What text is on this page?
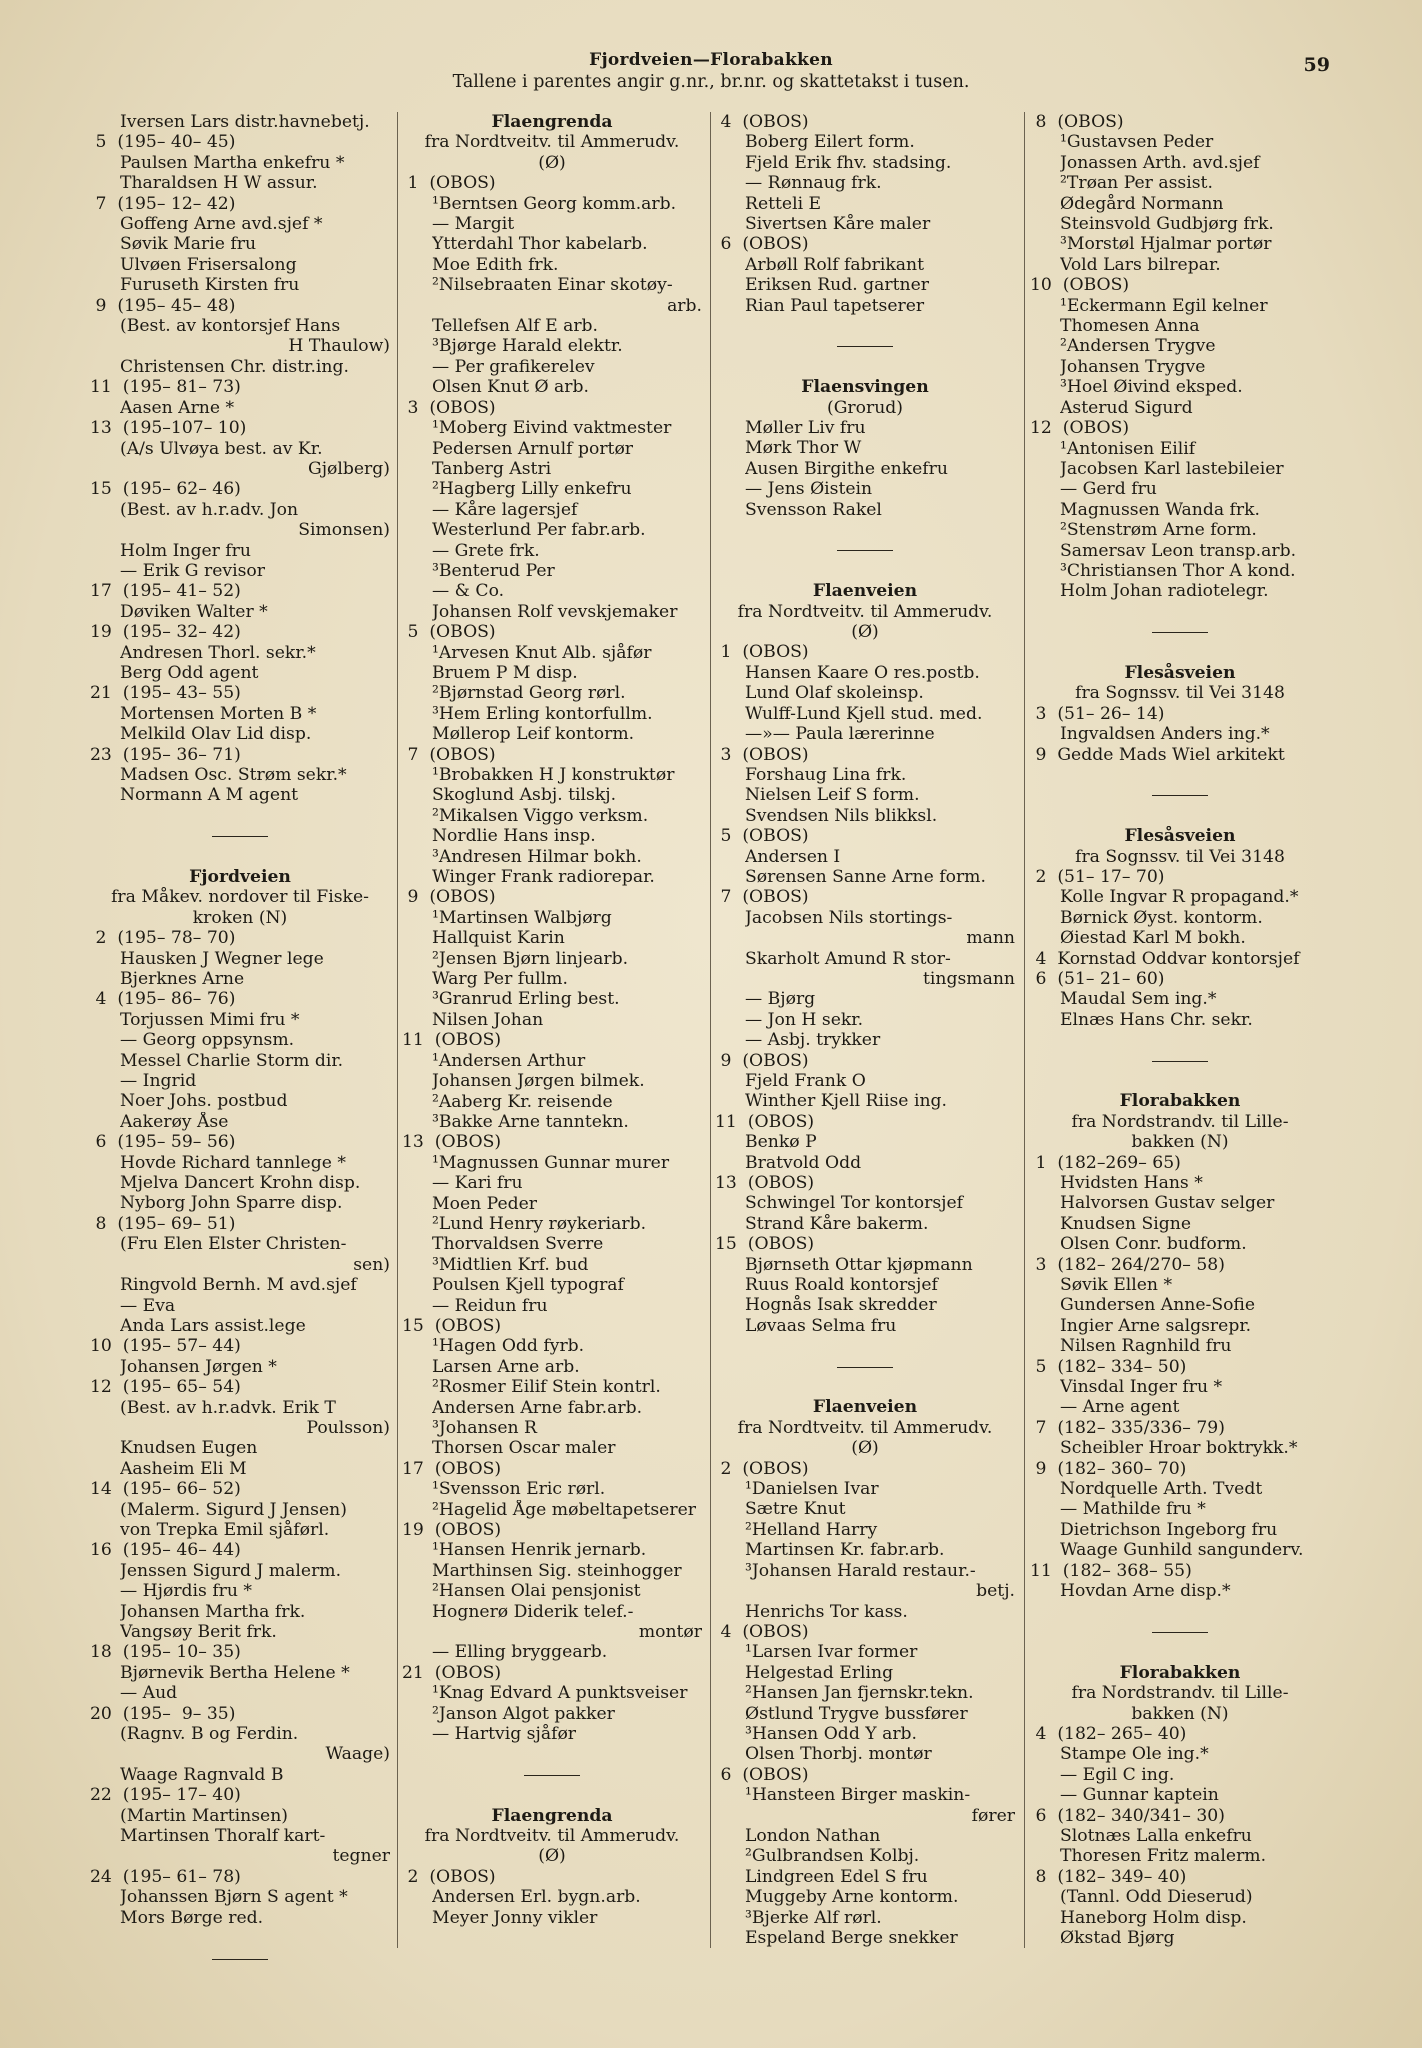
Fjordveien—Florabakken
Tallene i parentes angir g.nr., br.nr. og skattetakst i tusen.
59
Iversen Lars distr.havnebetj.
5  (195– 40– 45)
Paulsen Martha enkefru *
Tharaldsen H W assur.
7  (195– 12– 42)
Goffeng Arne avd.sjef *
Søvik Marie fru
Ulvøen Frisersalong
Furuseth Kirsten fru
9  (195– 45– 48)
(Best. av kontorsjef Hans
H Thaulow)
Christensen Chr. distr.ing.
11  (195– 81– 73)
Aasen Arne *
13  (195–107– 10)
(A/s Ulvøya best. av Kr.
Gjølberg)
15  (195– 62– 46)
(Best. av h.r.adv. Jon
Simonsen)
Holm Inger fru
— Erik G revisor
17  (195– 41– 52)
Døviken Walter *
19  (195– 32– 42)
Andresen Thorl. sekr.*
Berg Odd agent
21  (195– 43– 55)
Mortensen Morten B *
Melkild Olav Lid disp.
23  (195– 36– 71)
Madsen Osc. Strøm sekr.*
Normann A M agent
Fjordveien
fra Måkev. nordover til Fiske-
kroken (N)
2  (195– 78– 70)
Hausken J Wegner lege
Bjerknes Arne
4  (195– 86– 76)
Torjussen Mimi fru *
— Georg oppsynsm.
Messel Charlie Storm dir.
— Ingrid
Noer Johs. postbud
Aakerøy Åse
6  (195– 59– 56)
Hovde Richard tannlege *
Mjelva Dancert Krohn disp.
Nyborg John Sparre disp.
8  (195– 69– 51)
(Fru Elen Elster Christen-
sen)
Ringvold Bernh. M avd.sjef
— Eva
Anda Lars assist.lege
10  (195– 57– 44)
Johansen Jørgen *
12  (195– 65– 54)
(Best. av h.r.advk. Erik T
Poulsson)
Knudsen Eugen
Aasheim Eli M
14  (195– 66– 52)
(Malerm. Sigurd J Jensen)
von Trepka Emil sjåførl.
16  (195– 46– 44)
Jenssen Sigurd J malerm.
— Hjørdis fru *
Johansen Martha frk.
Vangsøy Berit frk.
18  (195– 10– 35)
Bjørnevik Bertha Helene *
— Aud
20  (195–  9– 35)
(Ragnv. B og Ferdin.
Waage)
Waage Ragnvald B
22  (195– 17– 40)
(Martin Martinsen)
Martinsen Thoralf kart-
tegner
24  (195– 61– 78)
Johanssen Bjørn S agent *
Mors Børge red.
Flaengrenda
fra Nordtveitv. til Ammerudv.
(Ø)
1  (OBOS)
¹Berntsen Georg komm.arb.
— Margit
Ytterdahl Thor kabelarb.
Moe Edith frk.
²Nilsebraaten Einar skotøy-
arb.
Tellefsen Alf E arb.
³Bjørge Harald elektr.
— Per grafikerelev
Olsen Knut Ø arb.
3  (OBOS)
¹Moberg Eivind vaktmester
Pedersen Arnulf portør
Tanberg Astri
²Hagberg Lilly enkefru
— Kåre lagersjef
Westerlund Per fabr.arb.
— Grete frk.
³Benterud Per
— & Co.
Johansen Rolf vevskjemaker
5  (OBOS)
¹Arvesen Knut Alb. sjåfør
Bruem P M disp.
²Bjørnstad Georg rørl.
³Hem Erling kontorfullm.
Møllerop Leif kontorm.
7  (OBOS)
¹Brobakken H J konstruktør
Skoglund Asbj. tilskj.
²Mikalsen Viggo verksm.
Nordlie Hans insp.
³Andresen Hilmar bokh.
Winger Frank radiorepar.
9  (OBOS)
¹Martinsen Walbjørg
Hallquist Karin
²Jensen Bjørn linjearb.
Warg Per fullm.
³Granrud Erling best.
Nilsen Johan
11  (OBOS)
¹Andersen Arthur
Johansen Jørgen bilmek.
²Aaberg Kr. reisende
³Bakke Arne tanntekn.
13  (OBOS)
¹Magnussen Gunnar murer
— Kari fru
Moen Peder
²Lund Henry røykeriarb.
Thorvaldsen Sverre
³Midtlien Krf. bud
Poulsen Kjell typograf
— Reidun fru
15  (OBOS)
¹Hagen Odd fyrb.
Larsen Arne arb.
²Rosmer Eilif Stein kontrl.
Andersen Arne fabr.arb.
³Johansen R
Thorsen Oscar maler
17  (OBOS)
¹Svensson Eric rørl.
²Hagelid Åge møbeltapetserer
19  (OBOS)
¹Hansen Henrik jernarb.
Marthinsen Sig. steinhogger
²Hansen Olai pensjonist
Hognerø Diderik telef.-
montør
— Elling bryggearb.
21  (OBOS)
¹Knag Edvard A punktsveiser
²Janson Algot pakker
— Hartvig sjåfør
Flaengrenda
fra Nordtveitv. til Ammerudv.
(Ø)
2  (OBOS)
Andersen Erl. bygn.arb.
Meyer Jonny vikler
4  (OBOS)
Boberg Eilert form.
Fjeld Erik fhv. stadsing.
— Rønnaug frk.
Retteli E
Sivertsen Kåre maler
6  (OBOS)
Arbøll Rolf fabrikant
Eriksen Rud. gartner
Rian Paul tapetserer
Flaensvingen
(Grorud)
Møller Liv fru
Mørk Thor W
Ausen Birgithe enkefru
— Jens Øistein
Svensson Rakel
Flaenveien
fra Nordtveitv. til Ammerudv.
(Ø)
1  (OBOS)
Hansen Kaare O res.postb.
Lund Olaf skoleinsp.
Wulff-Lund Kjell stud. med.
—»— Paula lærerinne
3  (OBOS)
Forshaug Lina frk.
Nielsen Leif S form.
Svendsen Nils blikksl.
5  (OBOS)
Andersen I
Sørensen Sanne Arne form.
7  (OBOS)
Jacobsen Nils stortings-
mann
Skarholt Amund R stor-
tingsmann
— Bjørg
— Jon H sekr.
— Asbj. trykker
9  (OBOS)
Fjeld Frank O
Winther Kjell Riise ing.
11  (OBOS)
Benkø P
Bratvold Odd
13  (OBOS)
Schwingel Tor kontorsjef
Strand Kåre bakerm.
15  (OBOS)
Bjørnseth Ottar kjøpmann
Ruus Roald kontorsjef
Hognås Isak skredder
Løvaas Selma fru
Flaenveien
fra Nordtveitv. til Ammerudv.
(Ø)
2  (OBOS)
¹Danielsen Ivar
Sætre Knut
²Helland Harry
Martinsen Kr. fabr.arb.
³Johansen Harald restaur.-
betj.
Henrichs Tor kass.
4  (OBOS)
¹Larsen Ivar former
Helgestad Erling
²Hansen Jan fjernskr.tekn.
Østlund Trygve bussfører
³Hansen Odd Y arb.
Olsen Thorbj. montør
6  (OBOS)
¹Hansteen Birger maskin-
fører
London Nathan
²Gulbrandsen Kolbj.
Lindgreen Edel S fru
Muggeby Arne kontorm.
³Bjerke Alf rørl.
Espeland Berge snekker
8  (OBOS)
¹Gustavsen Peder
Jonassen Arth. avd.sjef
²Trøan Per assist.
Ødegård Normann
Steinsvold Gudbjørg frk.
³Morstøl Hjalmar portør
Vold Lars bilrepar.
10  (OBOS)
¹Eckermann Egil kelner
Thomesen Anna
²Andersen Trygve
Johansen Trygve
³Hoel Øivind eksped.
Asterud Sigurd
12  (OBOS)
¹Antonisen Eilif
Jacobsen Karl lastebileier
— Gerd fru
Magnussen Wanda frk.
²Stenstrøm Arne form.
Samersav Leon transp.arb.
³Christiansen Thor A kond.
Holm Johan radiotelegr.
Flesåsveien
fra Sognssv. til Vei 3148
3  (51– 26– 14)
Ingvaldsen Anders ing.*
9  Gedde Mads Wiel arkitekt
Flesåsveien
fra Sognssv. til Vei 3148
2  (51– 17– 70)
Kolle Ingvar R propagand.*
Børnick Øyst. kontorm.
Øiestad Karl M bokh.
4  Kornstad Oddvar kontorsjef
6  (51– 21– 60)
Maudal Sem ing.*
Elnæs Hans Chr. sekr.
Florabakken
fra Nordstrandv. til Lille-
bakken (N)
1  (182–269– 65)
Hvidsten Hans *
Halvorsen Gustav selger
Knudsen Signe
Olsen Conr. budform.
3  (182– 264/270– 58)
Søvik Ellen *
Gundersen Anne-Sofie
Ingier Arne salgsrepr.
Nilsen Ragnhild fru
5  (182– 334– 50)
Vinsdal Inger fru *
— Arne agent
7  (182– 335/336– 79)
Scheibler Hroar boktrykk.*
9  (182– 360– 70)
Nordquelle Arth. Tvedt
— Mathilde fru *
Dietrichson Ingeborg fru
Waage Gunhild sangunderv.
11  (182– 368– 55)
Hovdan Arne disp.*
Florabakken
fra Nordstrandv. til Lille-
bakken (N)
4  (182– 265– 40)
Stampe Ole ing.*
— Egil C ing.
— Gunnar kaptein
6  (182– 340/341– 30)
Slotnæs Lalla enkefru
Thoresen Fritz malerm.
8  (182– 349– 40)
(Tannl. Odd Dieserud)
Haneborg Holm disp.
Økstad Bjørg
